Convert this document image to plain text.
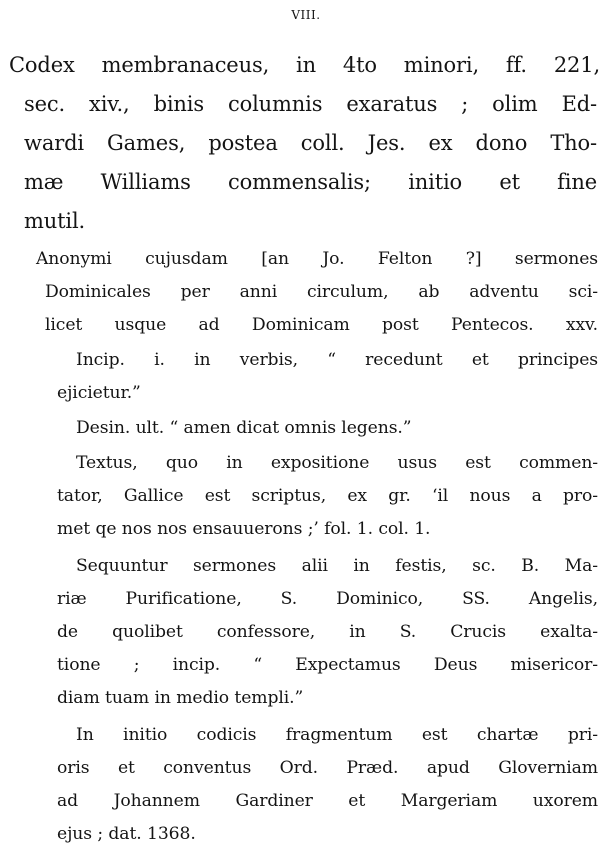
VIII.
Codex membranaceus, in 4to minori, ff. 221,
sec. xiv., binis columnis exaratus ; olim Ed-
wardi Games, postea coll. Jes. ex dono Tho-
mæ Williams commensalis; initio et fine
mutil.
Anonymi cujusdam [an Jo. Felton ?] sermones
Dominicales per anni circulum, ab adventu sci-
licet usque ad Dominicam post Pentecos. xxv.
Incip. i. in verbis, “ recedunt et principes
ejicietur.”
Desin. ult. “ amen dicat omnis legens.”
Textus, quo in expositione usus est commen-
tator, Gallice est scriptus, ex gr. ‘il nous a pro-
met qe nos nos ensauuerons ;’ fol. 1. col. 1.
Sequuntur sermones alii in festis, sc. B. Ma-
riæ Purificatione, S. Dominico, SS. Angelis,
de quolibet confessore, in S. Crucis exalta-
tione ; incip. “ Expectamus Deus misericor-
diam tuam in medio templi.”
In initio codicis fragmentum est chartæ pri-
oris et conventus Ord. Præd. apud Gloverniam
ad Johannem Gardiner et Margeriam uxorem
ejus ; dat. 1368.
